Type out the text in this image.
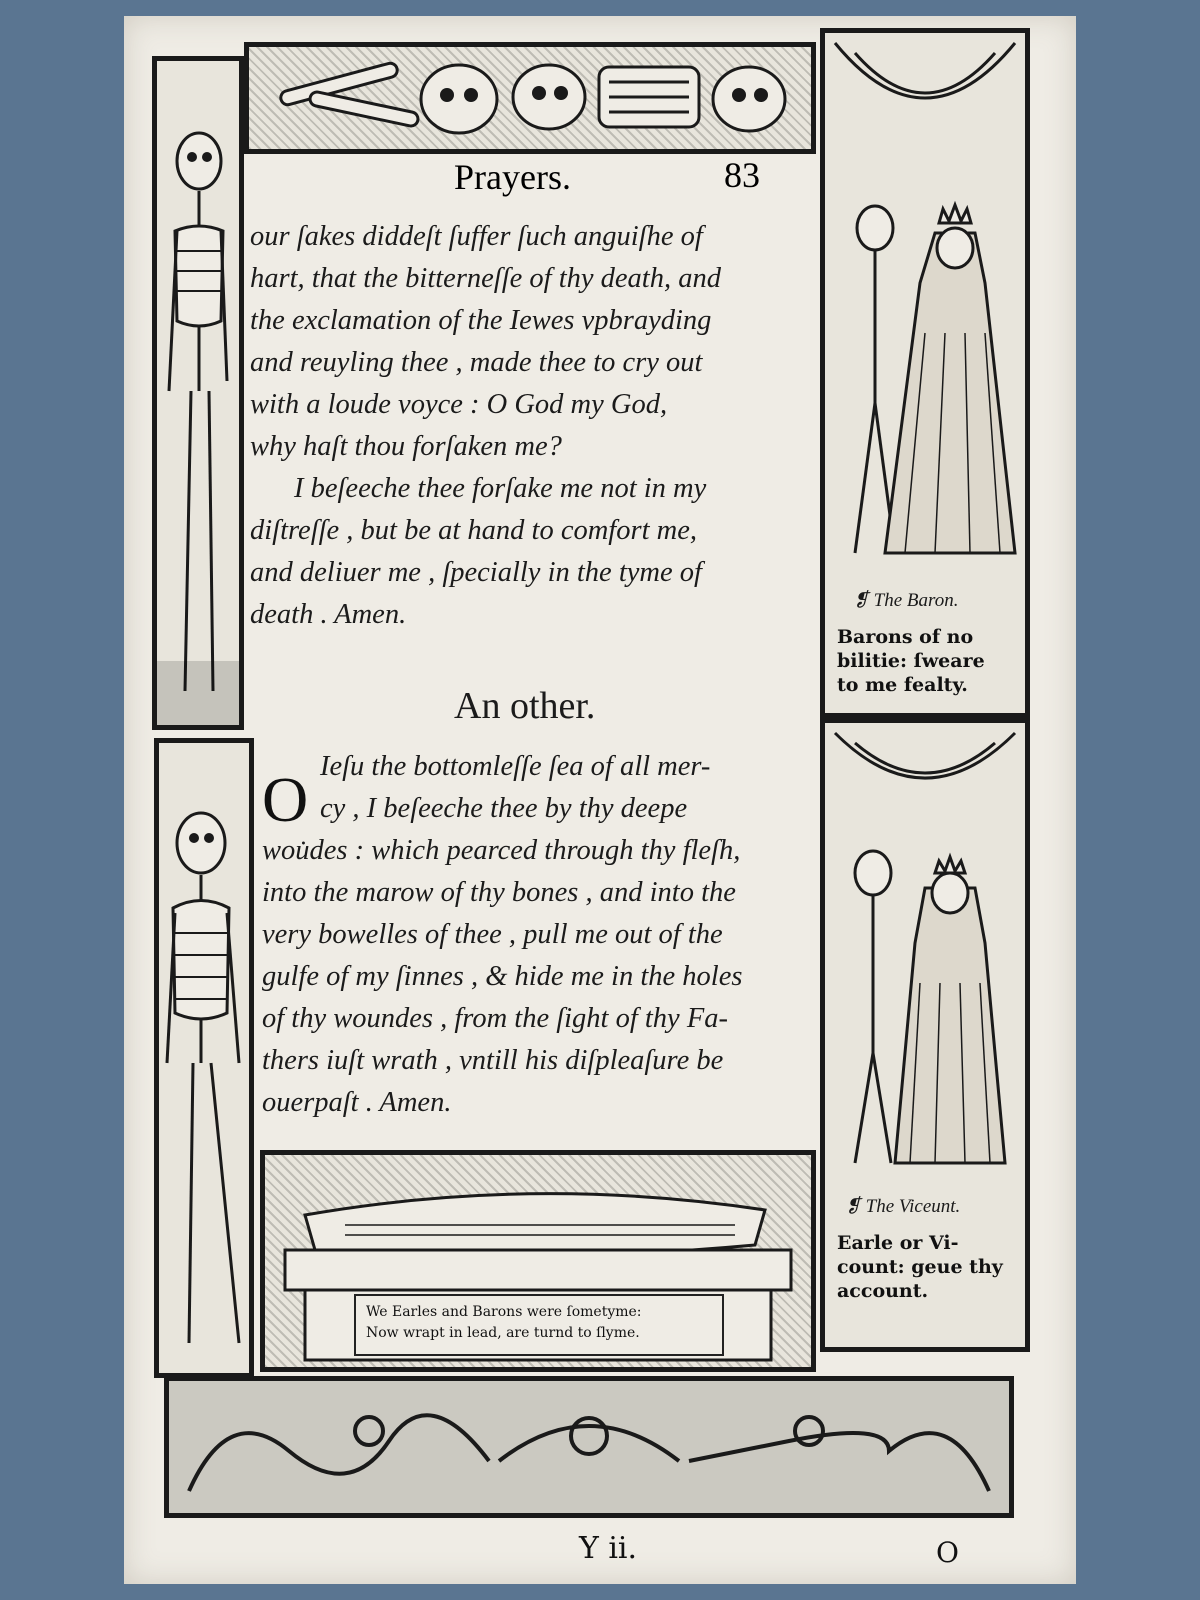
❡ The Baron.
Barons of no
bilitie: ſweare
to me fealty.
❡ The Viceunt.
Earle or Vi-
count: geue thy
account.
Prayers.	83

our ſakes diddeſt ſuffer ſuch anguiſhe of

hart, that the bitterneſſe of thy death, and

the exclamation of the Iewes vpbrayding

and reuyling thee , made thee to cry out

with a loude voyce : O God my God,

why haſt thou forſaken me?

I beſeeche thee forſake me not in my

diſtreſſe , but be at hand to comfort me,

and deliuer me , ſpecially in the tyme of

death . Amen.

An other.
O Ieſu the bottomleſſe ſea of all mer-

cy , I beſeeche thee by thy deepe

wou̇des : which pearced through thy fleſh,

into the marow of thy bones , and into the

very bowelles of thee , pull me out of the

gulfe of my ſinnes , & hide me in the holes

of thy woundes , from the ſight of thy Fa-

thers iuſt wrath , vntill his diſpleaſure be

ouerpaſt . Amen.

We Earles and Barons were ſometyme:
Now wrapt in lead, are turnd to ſlyme.
Y ii.	O
